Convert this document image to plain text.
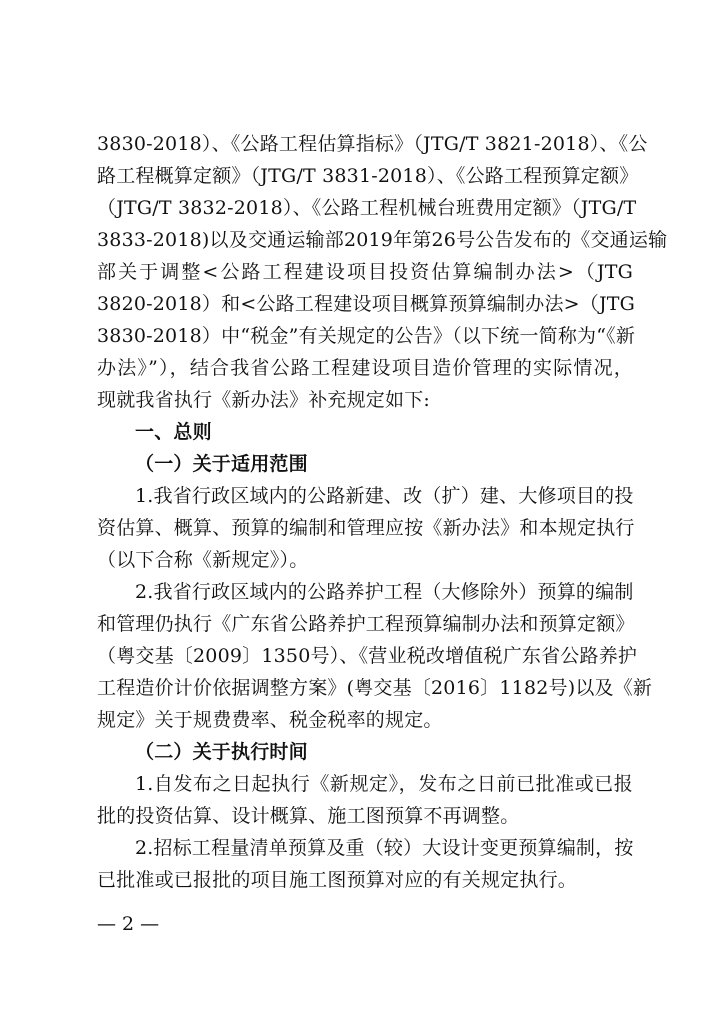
3830-2018）、《公路工程估算指标》（JTG/T 3821-2018）、《公
路工程概算定额》（JTG/T 3831-2018）、《公路工程预算定额》
（JTG/T 3832-2018）、《公路工程机械台班费用定额》（JTG/T
3833-2018)以及交通运输部2019年第26号公告发布的《交通运输
部关于调整<公路工程建设项目投资估算编制办法>（JTG
3820-2018）和<公路工程建设项目概算预算编制办法>（JTG
3830-2018）中“税金”有关规定的公告》（以下统一简称为“《新
办法》”），结合我省公路工程建设项目造价管理的实际情况，
现就我省执行《新办法》补充规定如下:
一、总则
（一）关于适用范围
1.我省行政区域内的公路新建、改（扩）建、大修项目的投
资估算、概算、预算的编制和管理应按《新办法》和本规定执行
（以下合称《新规定》）。
2.我省行政区域内的公路养护工程（大修除外）预算的编制
和管理仍执行《广东省公路养护工程预算编制办法和预算定额》
（粤交基〔2009〕1350号）、《营业税改增值税广东省公路养护
工程造价计价依据调整方案》(粤交基〔2016〕1182号)以及《新
规定》关于规费费率、税金税率的规定。
（二）关于执行时间
1.自发布之日起执行《新规定》，发布之日前已批准或已报
批的投资估算、设计概算、施工图预算不再调整。
2.招标工程量清单预算及重（较）大设计变更预算编制，按
已批准或已报批的项目施工图预算对应的有关规定执行。
— 2 —
